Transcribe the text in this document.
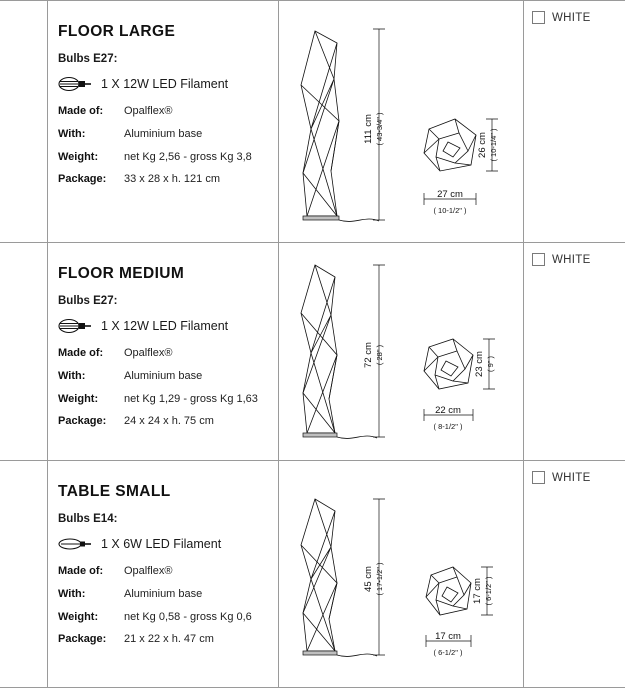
FLOOR LARGE
Bulbs E27:
1 X 12W LED Filament
Made of:	Opalflex®
With:	Aluminium base
Weight:	net Kg 2,56 - gross Kg 3,8
Package:	33 x 28 x h. 121 cm
111 cm ( 43-3/4" )
27 cm
( 10-1/2" )
26 cm ( 10-1/4" )
WHITE
FLOOR MEDIUM
Bulbs E27:
1 X 12W LED Filament
Made of:	Opalflex®
With:	Aluminium base
Weight:	net Kg 1,29 - gross Kg 1,63
Package:	24 x 24 x h. 75 cm
72 cm ( 28" )
22 cm
( 8-1/2" )
23 cm ( 9" )
WHITE
TABLE SMALL
Bulbs E14:
1 X 6W LED Filament
Made of:	Opalflex®
With:	Aluminium base
Weight:	net Kg 0,58 - gross Kg 0,6
Package:	21 x 22 x h. 47 cm
45 cm ( 17-1/2" )
17 cm
( 6-1/2" )
17 cm ( 6-1/2" )
WHITE
